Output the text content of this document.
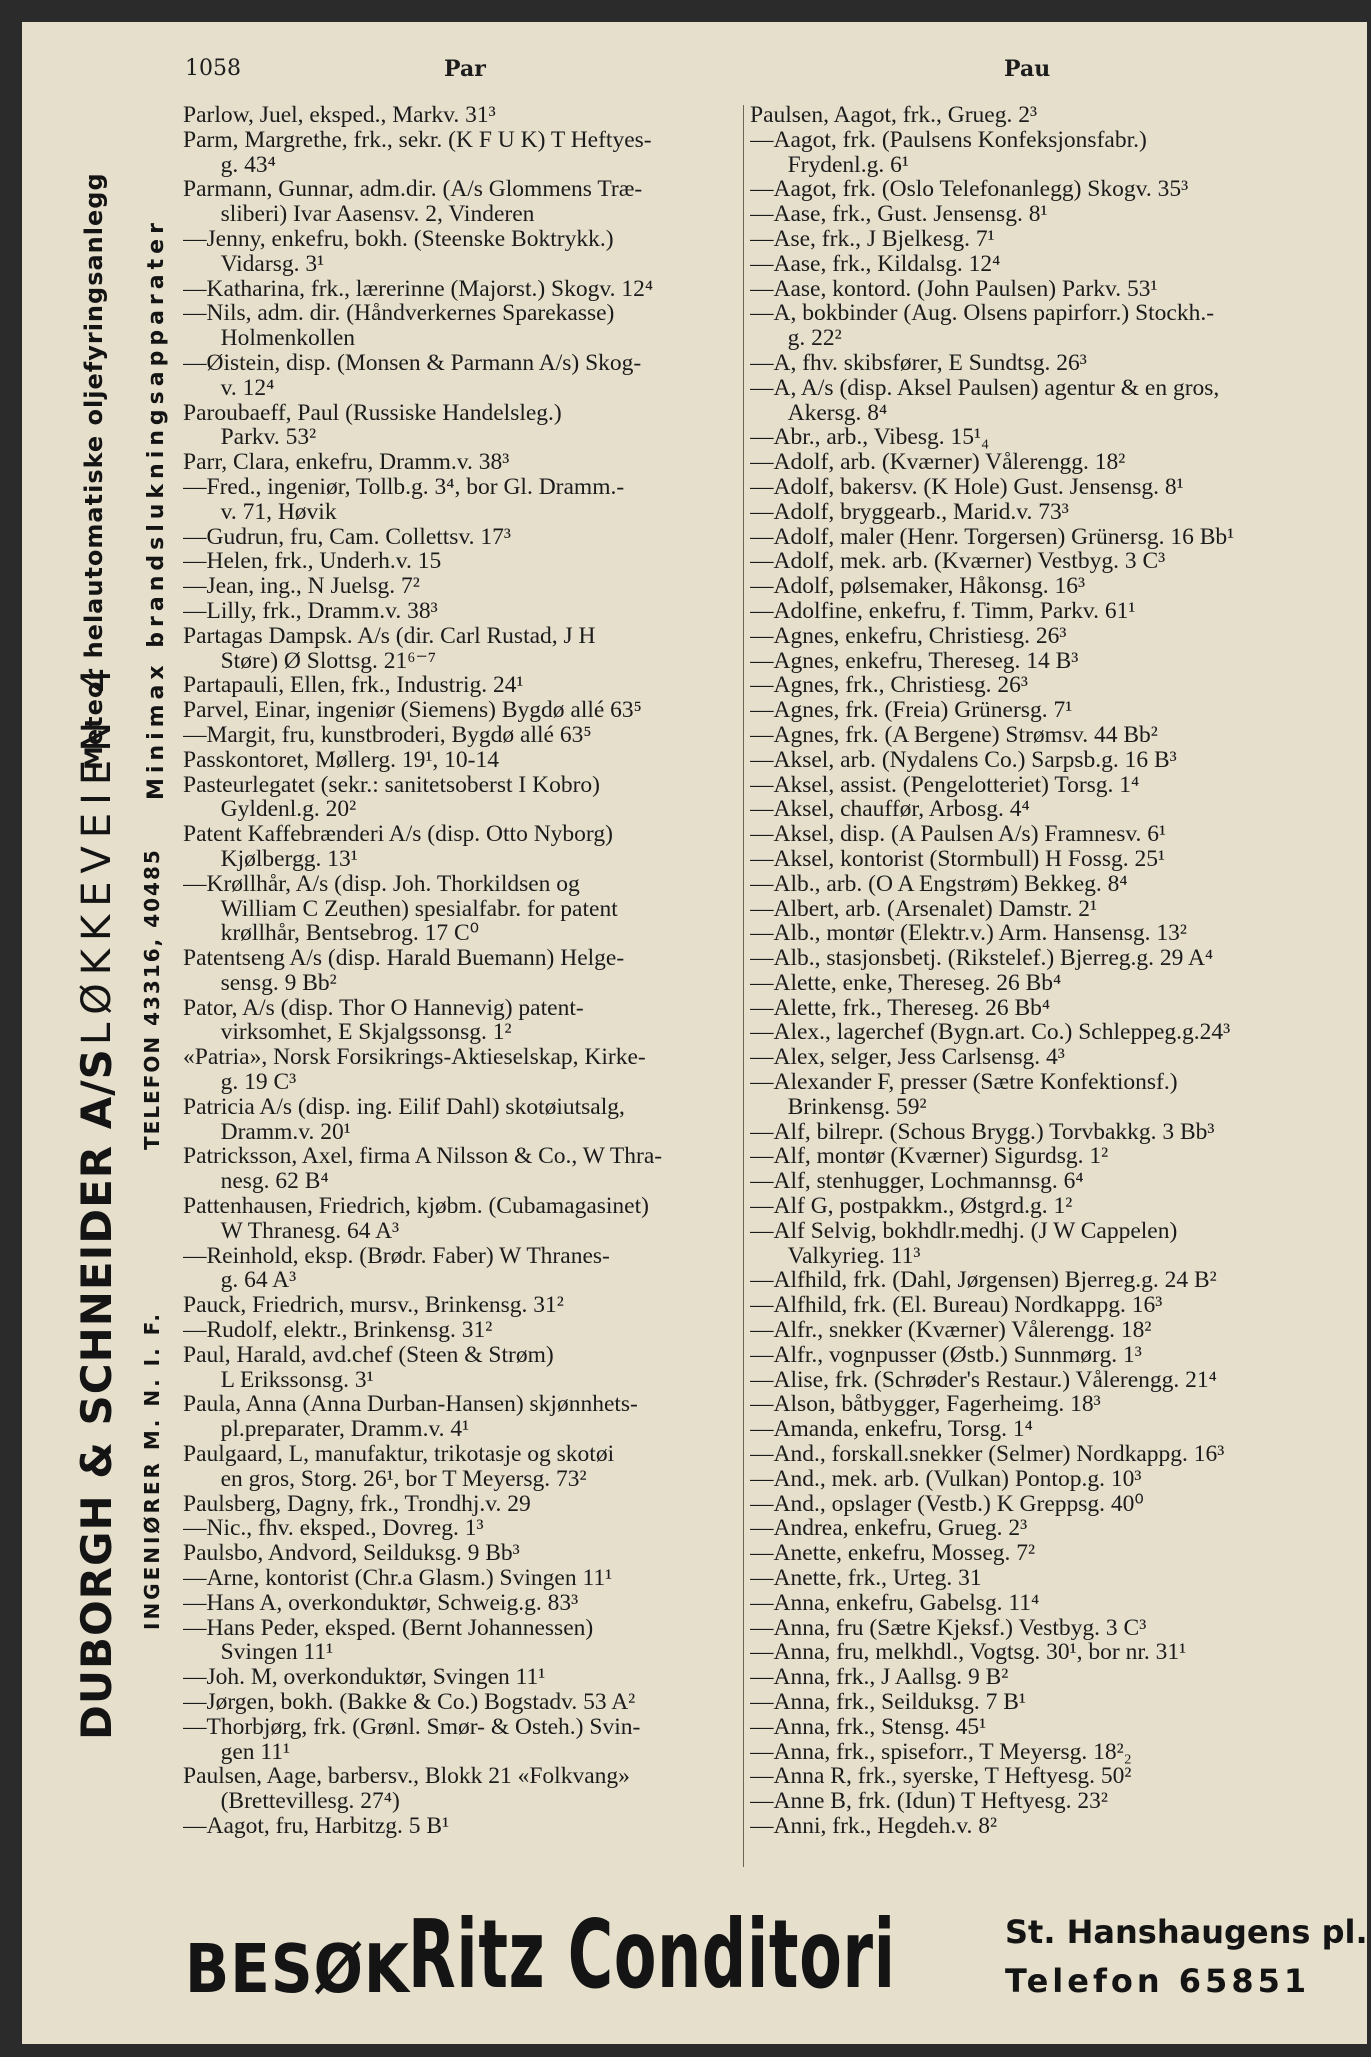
1058	Par	Pau
Parlow, Juel, eksped., Markv. 31³
Parm, Margrethe, frk., sekr. (K F U K) T Heftyes-
g. 43⁴
Parmann, Gunnar, adm.dir. (A/s Glommens Træ-
sliberi) Ivar Aasensv. 2, Vinderen
—Jenny, enkefru, bokh. (Steenske Boktrykk.)
Vidarsg. 3¹
—Katharina, frk., lærerinne (Majorst.) Skogv. 12⁴
—Nils, adm. dir. (Håndverkernes Sparekasse)
Holmenkollen
—Øistein, disp. (Monsen & Parmann A/s) Skog-
v. 12⁴
Paroubaeff, Paul (Russiske Handelsleg.)
Parkv. 53²
Parr, Clara, enkefru, Dramm.v. 38³
—Fred., ingeniør, Tollb.g. 3⁴, bor Gl. Dramm.-
v. 71, Høvik
—Gudrun, fru, Cam. Collettsv. 17³
—Helen, frk., Underh.v. 15
—Jean, ing., N Juelsg. 7²
—Lilly, frk., Dramm.v. 38³
Partagas Dampsk. A/s (dir. Carl Rustad, J H
Støre) Ø Slottsg. 21⁶⁻⁷
Partapauli, Ellen, frk., Industrig. 24¹
Parvel, Einar, ingeniør (Siemens) Bygdø allé 63⁵
—Margit, fru, kunstbroderi, Bygdø allé 63⁵
Passkontoret, Møllerg. 19¹, 10-14
Pasteurlegatet (sekr.: sanitetsoberst I Kobro)
Gyldenl.g. 20²
Patent Kaffebrænderi A/s (disp. Otto Nyborg)
Kjølbergg. 13¹
—Krøllhår, A/s (disp. Joh. Thorkildsen og
William C Zeuthen) spesialfabr. for patent
krøllhår, Bentsebrog. 17 C⁰
Patentseng A/s (disp. Harald Buemann) Helge-
sensg. 9 Bb²
Pator, A/s (disp. Thor O Hannevig) patent-
virksomhet, E Skjalgssonsg. 1²
«Patria», Norsk Forsikrings-Aktieselskap, Kirke-
g. 19 C³
Patricia A/s (disp. ing. Eilif Dahl) skotøiutsalg,
Dramm.v. 20¹
Patricksson, Axel, firma A Nilsson & Co., W Thra-
nesg. 62 B⁴
Pattenhausen, Friedrich, kjøbm. (Cubamagasinet)
W Thranesg. 64 A³
—Reinhold, eksp. (Brødr. Faber) W Thranes-
g. 64 A³
Pauck, Friedrich, mursv., Brinkensg. 31²
—Rudolf, elektr., Brinkensg. 31²
Paul, Harald, avd.chef (Steen & Strøm)
L Erikssonsg. 3¹
Paula, Anna (Anna Durban-Hansen) skjønnhets-
pl.preparater, Dramm.v. 4¹
Paulgaard, L, manufaktur, trikotasje og skotøi
en gros, Storg. 26¹, bor T Meyersg. 73²
Paulsberg, Dagny, frk., Trondhj.v. 29
—Nic., fhv. eksped., Dovreg. 1³
Paulsbo, Andvord, Seilduksg. 9 Bb³
—Arne, kontorist (Chr.a Glasm.) Svingen 11¹
—Hans A, overkonduktør, Schweig.g. 83³
—Hans Peder, eksped. (Bernt Johannessen)
Svingen 11¹
—Joh. M, overkonduktør, Svingen 11¹
—Jørgen, bokh. (Bakke & Co.) Bogstadv. 53 A²
—Thorbjørg, frk. (Grønl. Smør- & Osteh.) Svin-
gen 11¹
Paulsen, Aage, barbersv., Blokk 21 «Folkvang»
(Brettevillesg. 27⁴)
—Aagot, fru, Harbitzg. 5 B¹
Paulsen, Aagot, frk., Grueg. 2³
—Aagot, frk. (Paulsens Konfeksjonsfabr.)
Frydenl.g. 6¹
—Aagot, frk. (Oslo Telefonanlegg) Skogv. 35³
—Aase, frk., Gust. Jensensg. 8¹
—Ase, frk., J Bjelkesg. 7¹
—Aase, frk., Kildalsg. 12⁴
—Aase, kontord. (John Paulsen) Parkv. 53¹
—A, bokbinder (Aug. Olsens papirforr.) Stockh.-
g. 22²
—A, fhv. skibsfører, E Sundtsg. 26³
—A, A/s (disp. Aksel Paulsen) agentur & en gros,
Akersg. 8⁴
—Abr., arb., Vibesg. 15¹₄
—Adolf, arb. (Kværner) Vålerengg. 18²
—Adolf, bakersv. (K Hole) Gust. Jensensg. 8¹
—Adolf, bryggearb., Marid.v. 73³
—Adolf, maler (Henr. Torgersen) Grünersg. 16 Bb¹
—Adolf, mek. arb. (Kværner) Vestbyg. 3 C³
—Adolf, pølsemaker, Håkonsg. 16³
—Adolfine, enkefru, f. Timm, Parkv. 61¹
—Agnes, enkefru, Christiesg. 26³
—Agnes, enkefru, Thereseg. 14 B³
—Agnes, frk., Christiesg. 26³
—Agnes, frk. (Freia) Grünersg. 7¹
—Agnes, frk. (A Bergene) Strømsv. 44 Bb²
—Aksel, arb. (Nydalens Co.) Sarpsb.g. 16 B³
—Aksel, assist. (Pengelotteriet) Torsg. 1⁴
—Aksel, chauffør, Arbosg. 4⁴
—Aksel, disp. (A Paulsen A/s) Framnesv. 6¹
—Aksel, kontorist (Stormbull) H Fossg. 25¹
—Alb., arb. (O A Engstrøm) Bekkeg. 8⁴
—Albert, arb. (Arsenalet) Damstr. 2¹
—Alb., montør (Elektr.v.) Arm. Hansensg. 13²
—Alb., stasjonsbetj. (Rikstelef.) Bjerreg.g. 29 A⁴
—Alette, enke, Thereseg. 26 Bb⁴
—Alette, frk., Thereseg. 26 Bb⁴
—Alex., lagerchef (Bygn.art. Co.) Schleppeg.g.24³
—Alex, selger, Jess Carlsensg. 4³
—Alexander F, presser (Sætre Konfektionsf.)
Brinkensg. 59²
—Alf, bilrepr. (Schous Brygg.) Torvbakkg. 3 Bb³
—Alf, montør (Kværner) Sigurdsg. 1²
—Alf, stenhugger, Lochmannsg. 6⁴
—Alf G, postpakkm., Østgrd.g. 1²
—Alf Selvig, bokhdlr.medhj. (J W Cappelen)
Valkyrieg. 11³
—Alfhild, frk. (Dahl, Jørgensen) Bjerreg.g. 24 B²
—Alfhild, frk. (El. Bureau) Nordkappg. 16³
—Alfr., snekker (Kværner) Vålerengg. 18²
—Alfr., vognpusser (Østb.) Sunnmørg. 1³
—Alise, frk. (Schrøder's Restaur.) Vålerengg. 21⁴
—Alson, båtbygger, Fagerheimg. 18³
—Amanda, enkefru, Torsg. 1⁴
—And., forskall.snekker (Selmer) Nordkappg. 16³
—And., mek. arb. (Vulkan) Pontop.g. 10³
—And., opslager (Vestb.) K Greppsg. 40⁰
—Andrea, enkefru, Grueg. 2³
—Anette, enkefru, Mosseg. 7²
—Anette, frk., Urteg. 31
—Anna, enkefru, Gabelsg. 11⁴
—Anna, fru (Sætre Kjeksf.) Vestbyg. 3 C³
—Anna, fru, melkhdl., Vogtsg. 30¹, bor nr. 31¹
—Anna, frk., J Aallsg. 9 B²
—Anna, frk., Seilduksg. 7 B¹
—Anna, frk., Stensg. 45¹
—Anna, frk., spiseforr., T Meyersg. 18²₂
—Anna R, frk., syerske, T Heftyesg. 50²
—Anne B, frk. (Idun) T Heftyesg. 23²
—Anni, frk., Hegdeh.v. 8²
DUBORGH & SCHNEIDER A/S
LØKKEVEIEN 4
Meteor helautomatiske oljefyringsanlegg
INGENIØRER M. N. I. F.
TELEFON 43316, 40485
Minimax brandslukningsapparater
BESØK
Ritz Conditori	St. Hanshaugens pl.
Telefon 65851
